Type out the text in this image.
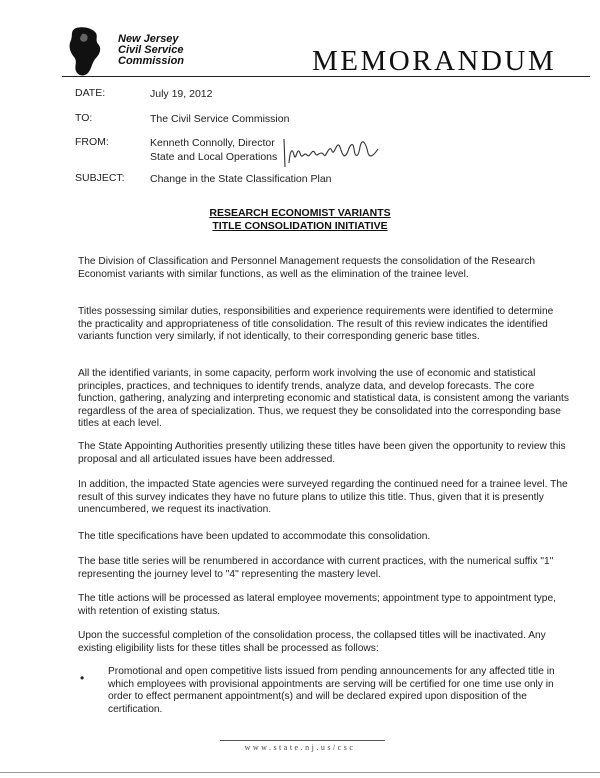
New Jersey
Civil Service
Commission	MEMORANDUM
DATE:	July 19, 2012
TO:	The Civil Service Commission
FROM:	Kenneth Connolly, Director
State and Local Operations
SUBJECT: Change in the State Classification Plan
RESEARCH ECONOMIST VARIANTS
TITLE CONSOLIDATION INITIATIVE
The Division of Classification and Personnel Management requests the consolidation of the Research Economist variants with similar functions, as well as the elimination of the trainee level.
Titles possessing similar duties, responsibilities and experience requirements were identified to determine the practicality and appropriateness of title consolidation. The result of this review indicates the identified variants function very similarly, if not identically, to their corresponding generic base titles.
All the identified variants, in some capacity, perform work involving the use of economic and statistical principles, practices, and techniques to identify trends, analyze data, and develop forecasts. The core function, gathering, analyzing and interpreting economic and statistical data, is consistent among the variants regardless of the area of specialization. Thus, we request they be consolidated into the corresponding base titles at each level.
The State Appointing Authorities presently utilizing these titles have been given the opportunity to review this proposal and all articulated issues have been addressed.
In addition, the impacted State agencies were surveyed regarding the continued need for a trainee level. The result of this survey indicates they have no future plans to utilize this title. Thus, given that it is presently unencumbered, we request its inactivation.
The title specifications have been updated to accommodate this consolidation.
The base title series will be renumbered in accordance with current practices, with the numerical suffix "1" representing the journey level to "4" representing the mastery level.
The title actions will be processed as lateral employee movements; appointment type to appointment type, with retention of existing status.
Upon the successful completion of the consolidation process, the collapsed titles will be inactivated. Any existing eligibility lists for these titles shall be processed as follows:
• Promotional and open competitive lists issued from pending announcements for any affected title in which employees with provisional appointments are serving will be certified for one time use only in order to effect permanent appointment(s) and will be declared expired upon disposition of the certification.
www.state.nj.us/csc
